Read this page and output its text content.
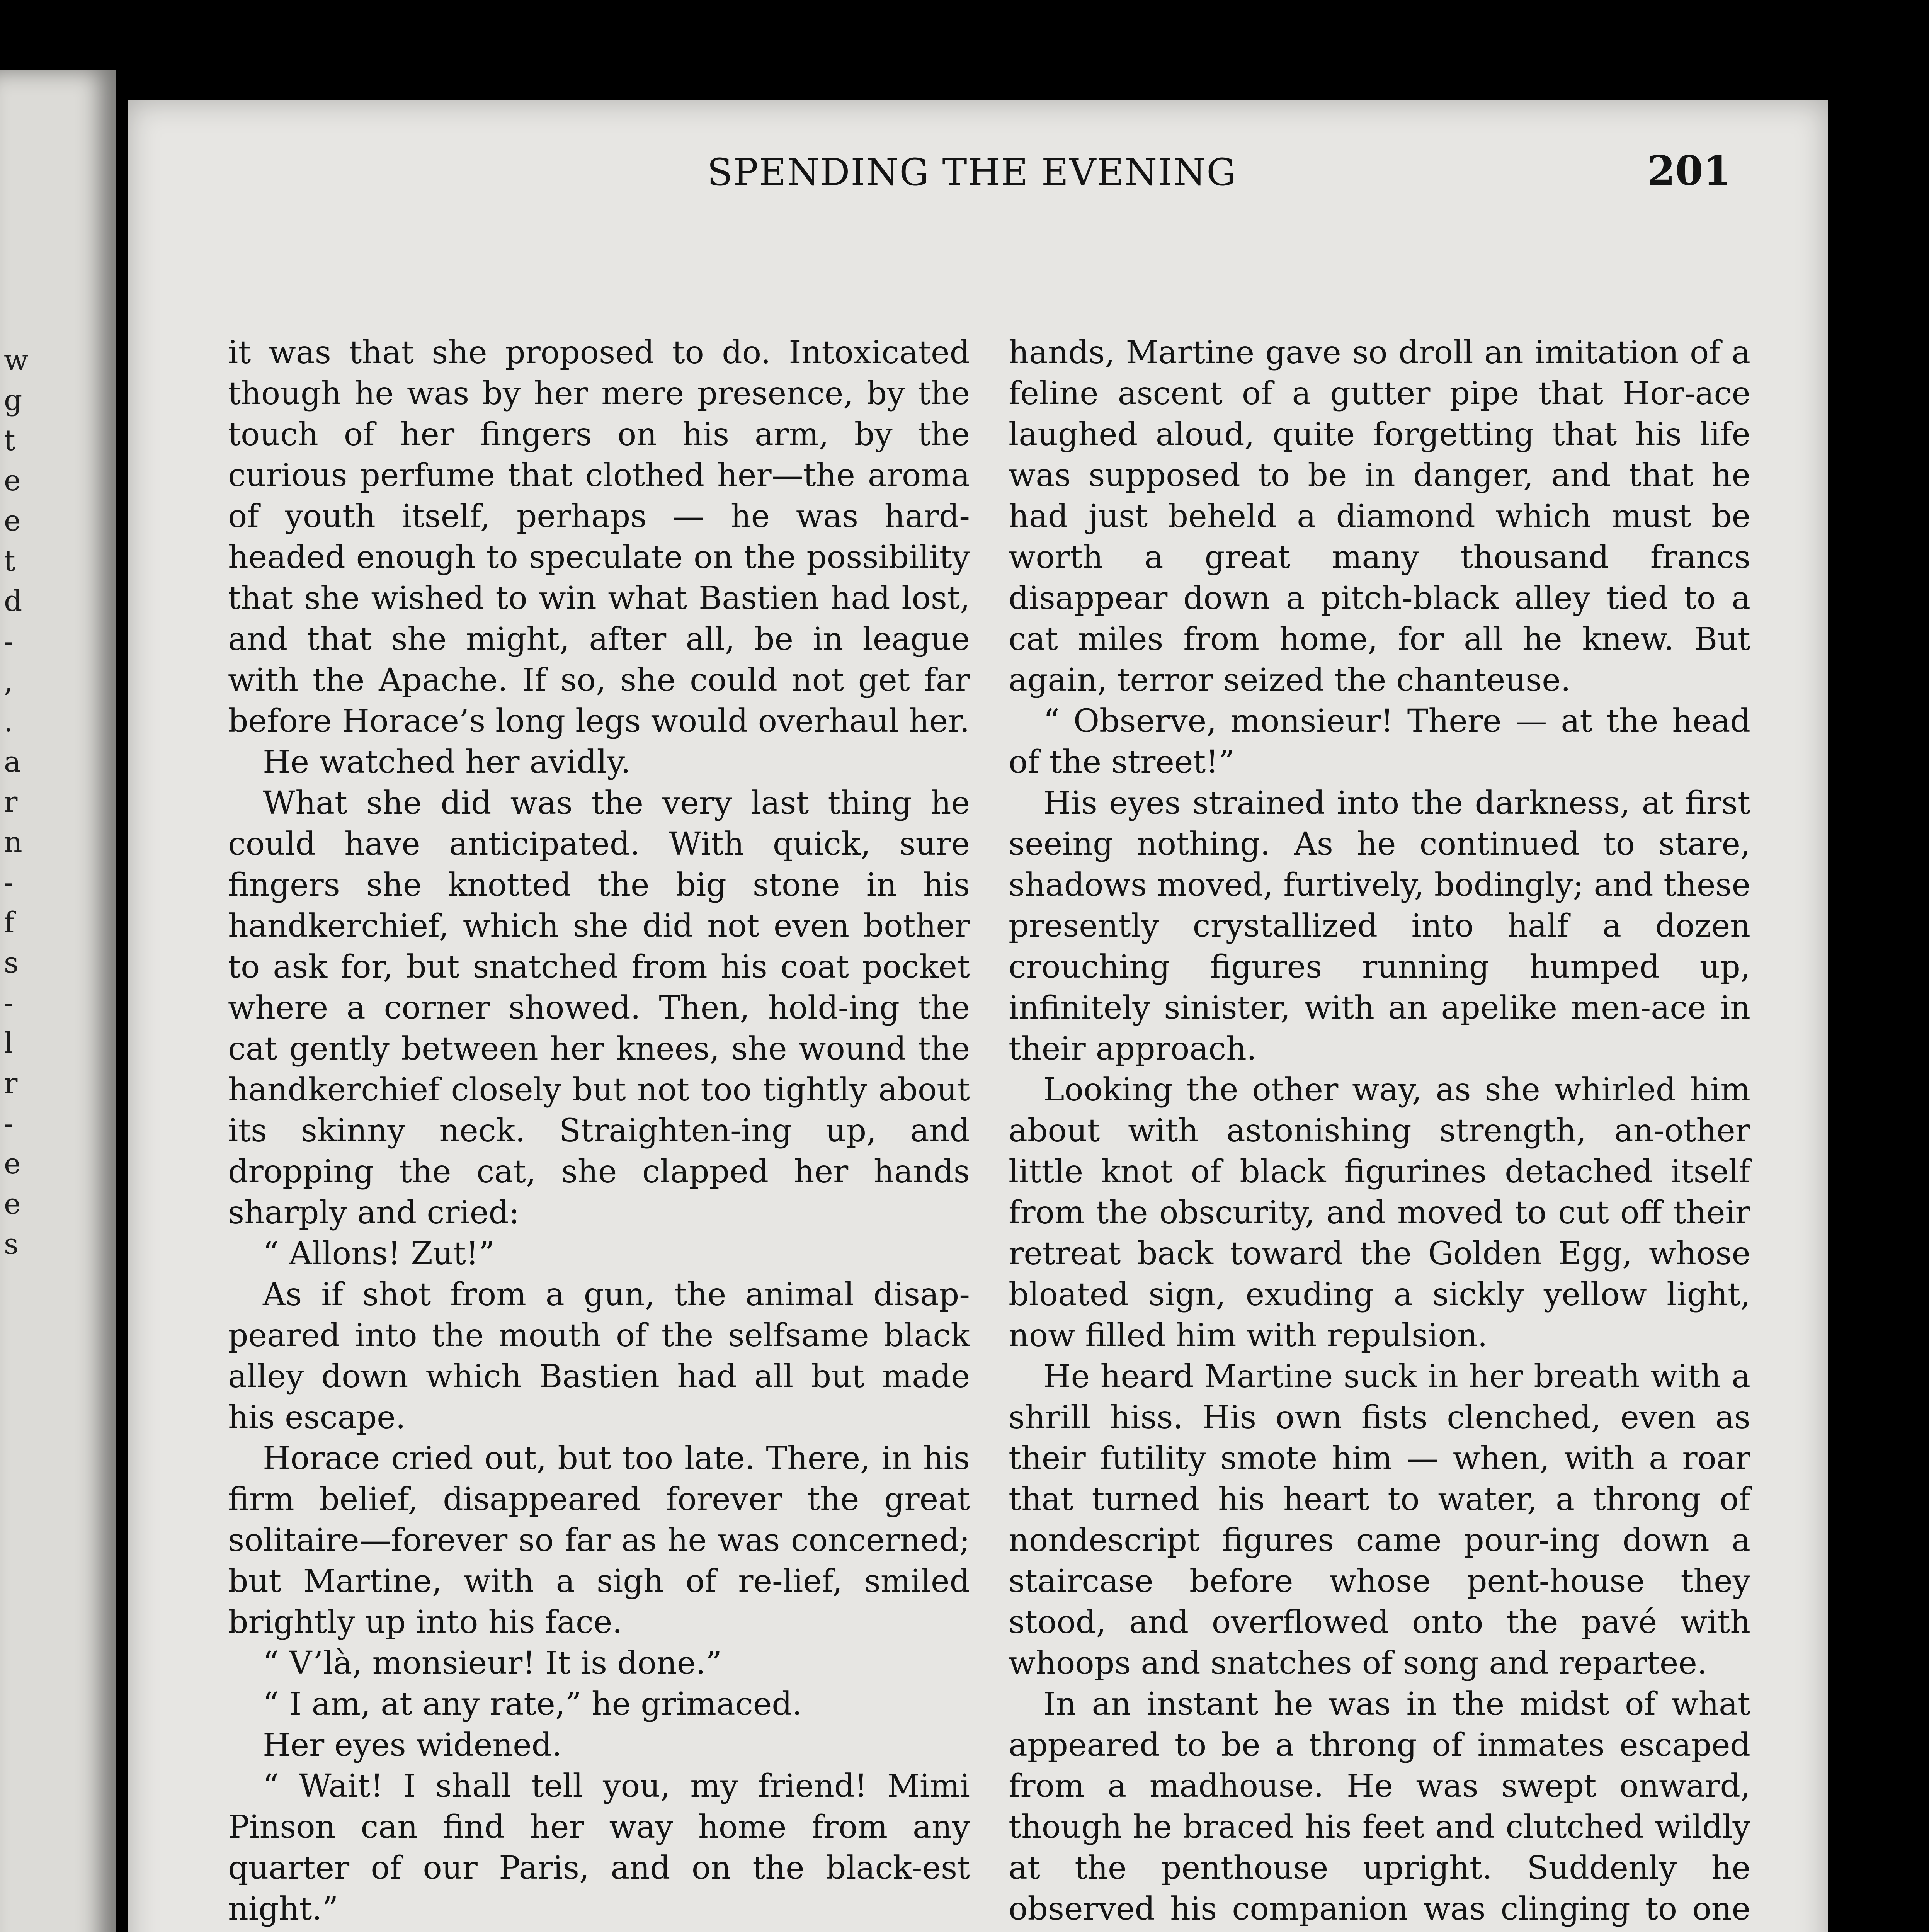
w
g
t
e
e
t
d
-
,
.
a
r
n
-
f
s
-
l
r
-
e
e
s
SPENDING THE EVENING	201

it was that she proposed to do. Intoxicated though he was by her mere presence, by the touch of her fingers on his arm, by the curious perfume that clothed her—the aroma of youth itself, perhaps — he was hard-headed enough to speculate on the possibility that she wished to win what Bastien had lost, and that she might, after all, be in league with the Apache. If so, she could not get far before Horace’s long legs would overhaul her.

He watched her avidly.

What she did was the very last thing he could have anticipated. With quick, sure fingers she knotted the big stone in his handkerchief, which she did not even bother to ask for, but snatched from his coat pocket where a corner showed. Then, hold-ing the cat gently between her knees, she wound the handkerchief closely but not too tightly about its skinny neck. Straighten-ing up, and dropping the cat, she clapped her hands sharply and cried:

“ Allons! Zut!”

As if shot from a gun, the animal disap-peared into the mouth of the selfsame black alley down which Bastien had all but made his escape.

Horace cried out, but too late. There, in his firm belief, disappeared forever the great solitaire—forever so far as he was concerned; but Martine, with a sigh of re-lief, smiled brightly up into his face.

“ V’là, monsieur! It is done.”

“ I am, at any rate,” he grimaced.

Her eyes widened.

“ Wait! I shall tell you, my friend! Mimi Pinson can find her way home from any quarter of our Paris, and on the black-est night.”

hands, Martine gave so droll an imitation of a feline ascent of a gutter pipe that Hor-ace laughed aloud, quite forgetting that his life was supposed to be in danger, and that he had just beheld a diamond which must be worth a great many thousand francs disappear down a pitch-black alley tied to a cat miles from home, for all he knew. But again, terror seized the chanteuse.

“ Observe, monsieur! There — at the head of the street!”

His eyes strained into the darkness, at first seeing nothing. As he continued to stare, shadows moved, furtively, bodingly; and these presently crystallized into half a dozen crouching figures running humped up, infinitely sinister, with an apelike men-ace in their approach.

Looking the other way, as she whirled him about with astonishing strength, an-other little knot of black figurines detached itself from the obscurity, and moved to cut off their retreat back toward the Golden Egg, whose bloated sign, exuding a sickly yellow light, now filled him with repulsion.

He heard Martine suck in her breath with a shrill hiss. His own fists clenched, even as their futility smote him — when, with a roar that turned his heart to water, a throng of nondescript figures came pour-ing down a staircase before whose pent-house they stood, and overflowed onto the pavé with whoops and snatches of song and repartee.

In an instant he was in the midst of what appeared to be a throng of inmates escaped from a madhouse. He was swept onward, though he braced his feet and clutched wildly at the penthouse upright. Suddenly he observed his companion was clinging to one
